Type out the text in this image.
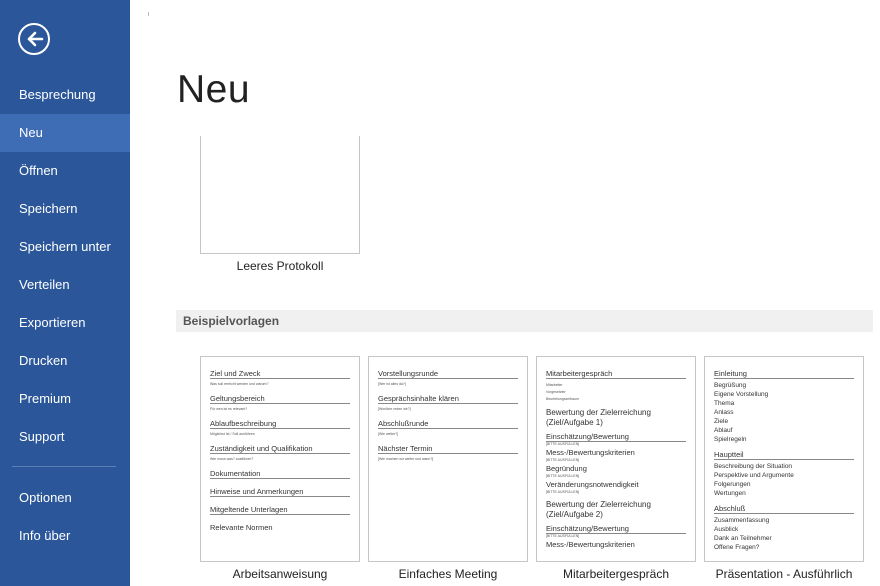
Besprechung
Neu
Öffnen
Speichern
Speichern unter
Verteilen
Exportieren
Drucken
Premium
Support
Optionen
Info über
Neu
Leeres Protokoll
Beispielvorlagen
Ziel und Zweck
Was soll erreicht werden und warum?
Geltungsbereich
Für wen ist es relevant?
Ablaufbeschreibung
Möglichst Ist / Soll ausführen
Zuständigkeit und Qualifikation
Wer muss was? ausführen?
Dokumentation
Hinweise und Anmerkungen
Mitgeltende Unterlagen
Relevante Normen
Arbeitsanweisung
Vorstellungsrunde
[Wer ist alles da?]
Gesprächsinhalte klären
[Worüber reden wir?]
Abschlußrunde
[Wie weiter?]
Nächster Termin
[Wie machen wir weiter und wann?]
Einfaches Meeting
Mitarbeitergespräch
Mitarbeiter
Vorgesetzter
Beurteilungszeitraum
Bewertung der Zielerreichung
(Ziel/Aufgabe 1)
Einschätzung/Bewertung
[BITTE AUSFÜLLEN]
Mess-/Bewertungskriterien
[BITTE AUSFÜLLEN]
Begründung
[BITTE AUSFÜLLEN]
Veränderungsnotwendigkeit
[BITTE AUSFÜLLEN]
Bewertung der Zielerreichung
(Ziel/Aufgabe 2)
Einschätzung/Bewertung
[BITTE AUSFÜLLEN]
Mess-/Bewertungskriterien
Mitarbeitergespräch
Einleitung
Begrüßung
Eigene Vorstellung
Thema
Anlass
Ziele
Ablauf
Spielregeln
Hauptteil
Beschreibung der Situation
Perspektive und Argumente
Folgerungen
Wertungen
Abschluß
Zusammenfassung
Ausblick
Dank an Teilnehmer
Offene Fragen?
Präsentation - Ausführlich
